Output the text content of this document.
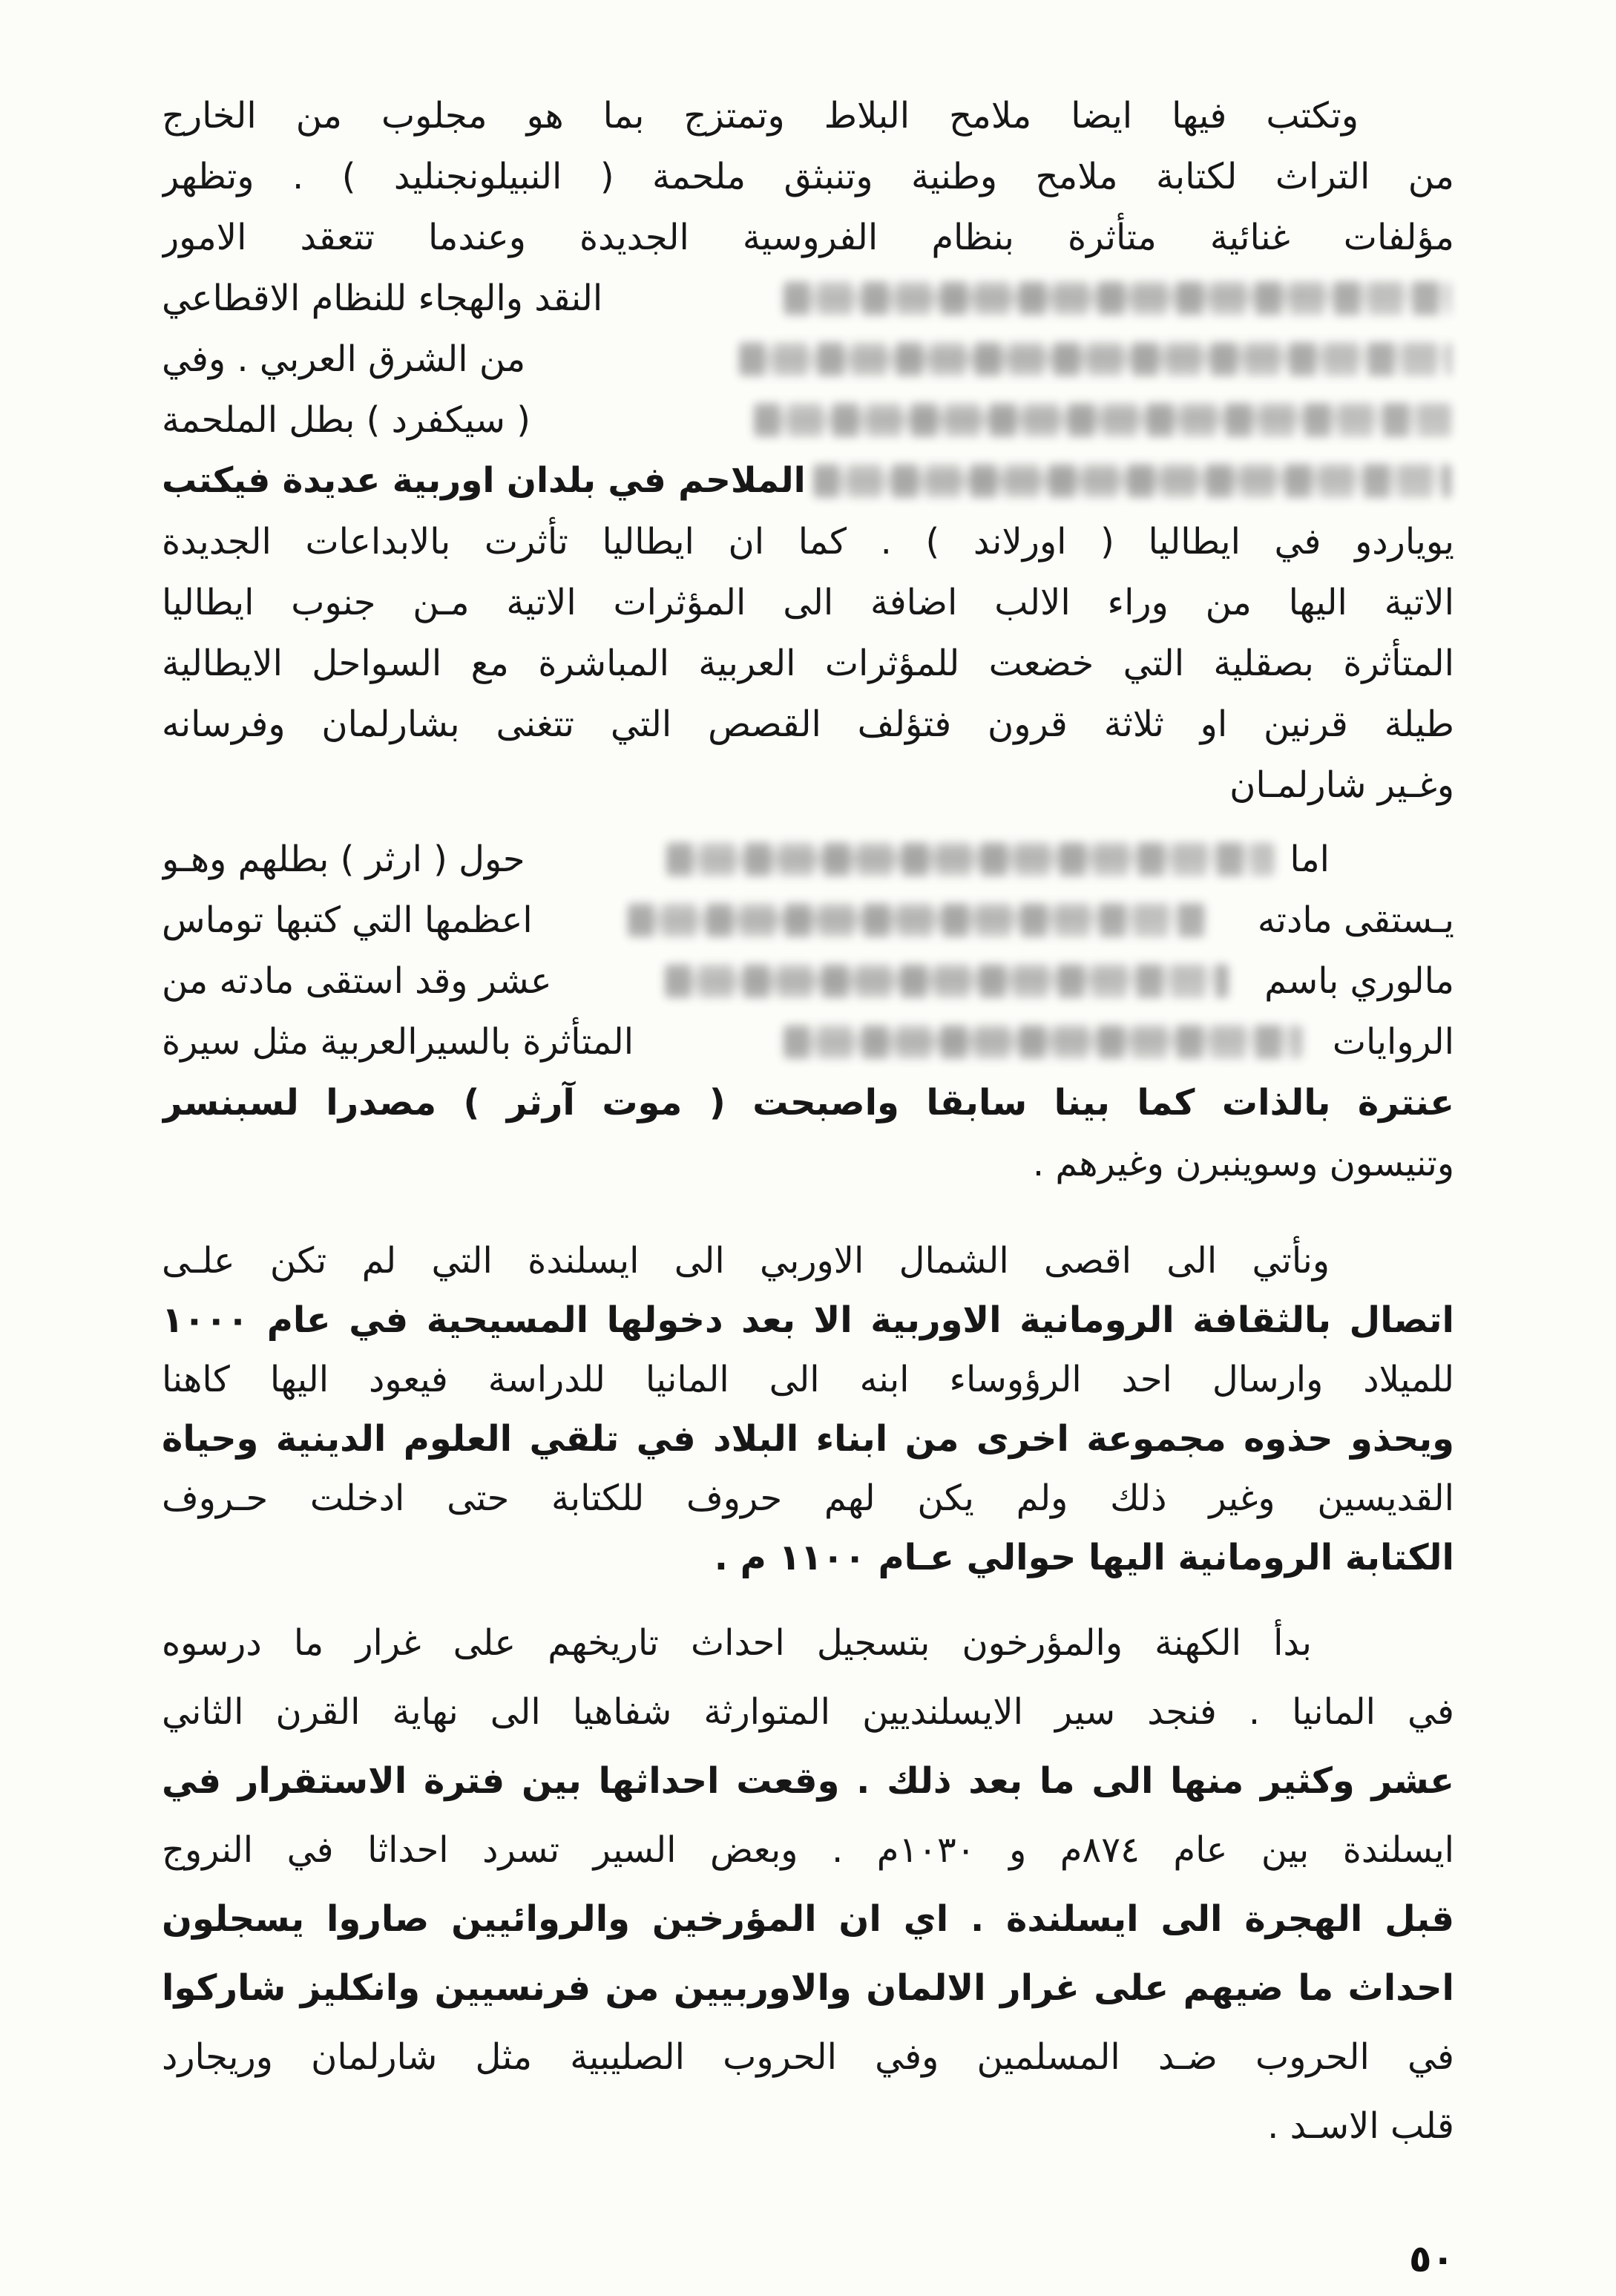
وتكتب فيها ايضا ملامح البلاط وتمتزج بما هو مجلوب من الخارج
من التراث لكتابة ملامح وطنية وتنبثق ملحمة ( النبيلونجنليد ) . وتظهر
مؤلفات غنائية متأثرة بنظام الفروسية الجديدة وعندما تتعقد الامور
النقد والهجاء للنظام الاقطاعي
من الشرق العربي . وفي
( سيكفرد ) بطل الملحمة
الملاحم في بلدان اوربية عديدة فيكتب
يوياردو في ايطاليا ( اورلاند ) . كما ان ايطاليا تأثرت بالابداعات الجديدة
الاتية اليها من وراء الالب اضافة الى المؤثرات الاتية مـن جنوب ايطاليا
المتأثرة بصقلية التي خضعت للمؤثرات العربية المباشرة مع السواحل الايطالية
طيلة قرنين او ثلاثة قرون فتؤلف القصص التي تتغنى بشارلمان وفرسانه
وغـير شارلمـان
اما
حول ( ارثر ) بطلهم وهـو
يـستقى مادته
اعظمها التي كتبها توماس
مالوري باسم
عشر وقد استقى مادته من
الروايات
المتأثرة بالسيرالعربية مثل سيرة
عنترة بالذات كما بينا سابقا واصبحت ( موت آرثر ) مصدرا لسبنسر
وتنيسون وسوينبرن وغيرهم .
ونأتي الى اقصى الشمال الاوربي الى ايسلندة التي لم تكن علـى
اتصال بالثقافة الرومانية الاوربية الا بعد دخولها المسيحية في عام ١٠٠٠
للميلاد وارسال احد الرؤوساء ابنه الى المانيا للدراسة فيعود اليها كاهنا
ويحذو حذوه مجموعة اخرى من ابناء البلاد في تلقي العلوم الدينية وحياة
القديسين وغير ذلك ولم يكن لهم حروف للكتابة حتى ادخلت حـروف
الكتابة الرومانية اليها حوالي عـام ١١٠٠ م .
بدأ الكهنة والمؤرخون بتسجيل احداث تاريخهم على غرار ما درسوه
في المانيا . فنجد سير الايسلنديين المتوارثة شفاهيا الى نهاية القرن الثاني
عشر وكثير منها الى ما بعد ذلك . وقعت احداثها بين فترة الاستقرار في
ايسلندة بين عام ٨٧٤م و ١٠٣٠م . وبعض السير تسرد احداثا في النروج
قبل الهجرة الى ايسلندة . اي ان المؤرخين والروائيين صاروا يسجلون
احداث ما ضيهم على غرار الالمان والاوربيين من فرنسيين وانكليز شاركوا
في الحروب ضـد المسلمين وفي الحروب الصليبية مثل شارلمان وريجارد
قلب الاسـد .
٥٠
